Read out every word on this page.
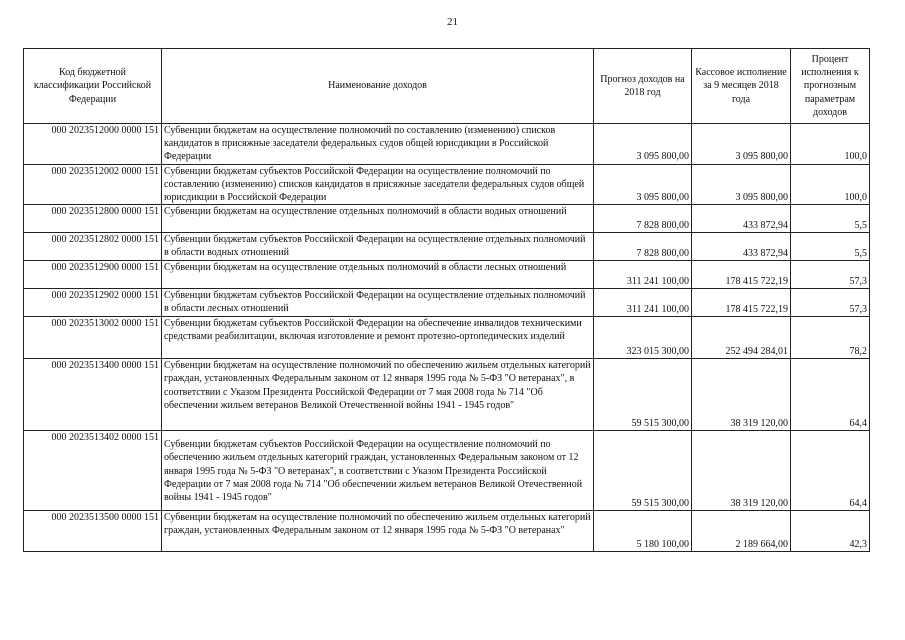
21
Код бюджетной классификации Российской Федерации	Наименование доходов	Прогноз доходов на 2018 год	Кассовое исполнение за 9 месяцев 2018 года	Процент исполнения к прогнозным параметрам доходов
000 2023512000 0000 151	Субвенции бюджетам на осуществление полномочий по составлению (изменению) списков кандидатов в присяжные заседатели федеральных судов общей юрисдикции в Российской Федерации	3 095 800,00	3 095 800,00	100,0
000 2023512002 0000 151	Субвенции бюджетам субъектов Российской Федерации на осуществление полномочий по составлению (изменению) списков кандидатов в присяжные заседатели федеральных судов общей юрисдикции в Российской Федерации	3 095 800,00	3 095 800,00	100,0
000 2023512800 0000 151	Субвенции бюджетам на осуществление отдельных полномочий в области водных отношений	7 828 800,00	433 872,94	5,5
000 2023512802 0000 151	Субвенции бюджетам субъектов Российской Федерации на осуществление отдельных полномочий в области водных отношений	7 828 800,00	433 872,94	5,5
000 2023512900 0000 151	Субвенции бюджетам на осуществление отдельных полномочий в области лесных отношений	311 241 100,00	178 415 722,19	57,3
000 2023512902 0000 151	Субвенции бюджетам субъектов Российской Федерации на осуществление отдельных полномочий в области лесных отношений	311 241 100,00	178 415 722,19	57,3
000 2023513002 0000 151	Субвенции бюджетам субъектов Российской Федерации на обеспечение инвалидов техническими средствами реабилитации, включая изготовление и ремонт протезно-ортопедических изделий	323 015 300,00	252 494 284,01	78,2
000 2023513400 0000 151	Субвенции бюджетам на осуществление полномочий по обеспечению жильем отдельных категорий граждан, установленных Федеральным законом от 12 января 1995 года № 5-ФЗ "О ветеранах", в соответствии с Указом Президента Российской Федерации от 7 мая 2008 года № 714 "Об обеспечении жильем ветеранов Великой Отечественной войны 1941 - 1945 годов"	59 515 300,00	38 319 120,00	64,4
000 2023513402 0000 151	Субвенции бюджетам субъектов Российской Федерации на осуществление полномочий по обеспечению жильем отдельных категорий граждан, установленных Федеральным законом от 12 января 1995 года № 5-ФЗ "О ветеранах", в соответствии с Указом Президента Российской Федерации от 7 мая 2008 года № 714 "Об обеспечении жильем ветеранов Великой Отечественной войны 1941 - 1945 годов"	59 515 300,00	38 319 120,00	64,4
000 2023513500 0000 151	Субвенции бюджетам на осуществление полномочий по обеспечению жильем отдельных категорий граждан, установленных Федеральным законом от 12 января 1995 года № 5-ФЗ "О ветеранах"	5 180 100,00	2 189 664,00	42,3
